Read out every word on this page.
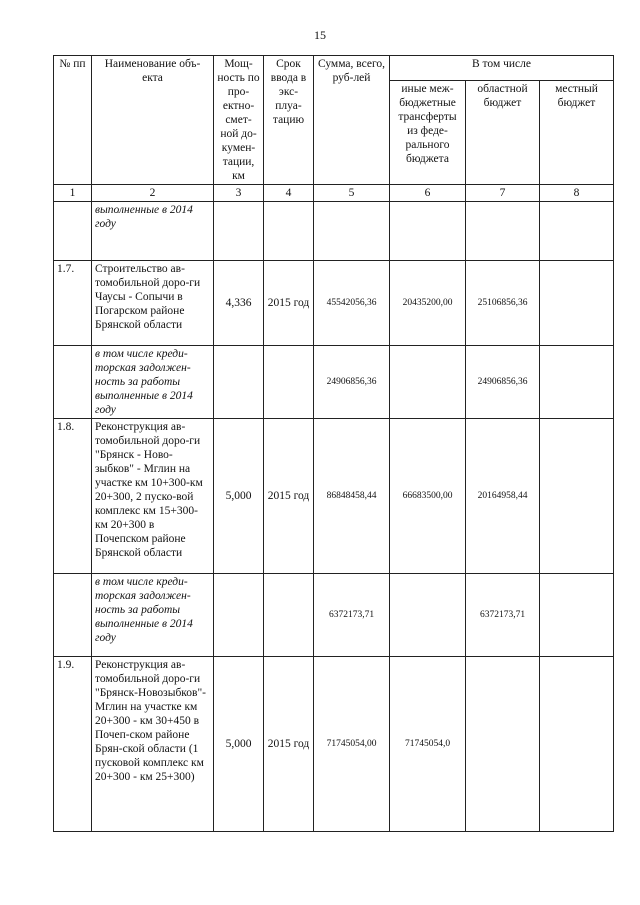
15
№ пп	Наименование объ-екта	Мощ-ность по про-ектно-смет-ной до-кумен-тации, км	Срок ввода в экс-плуа-тацию	Сумма, всего, руб-лей	В том числе		
					иные меж-бюджетные трансферты из феде-рального бюджета	областной бюджет	местный бюджет
1	2	3	4	5	6	7	8
	выполненные в 2014 году						
1.7.	Строительство ав-томобильной доро-ги Чаусы - Сопычи в Погарском районе Брянской области	4,336	2015 год	45542056,36	20435200,00	25106856,36	
	в том числе креди-торская задолжен-ность за работы выполненные в 2014 году			24906856,36		24906856,36	
1.8.	Реконструкция ав-томобильной доро-ги "Брянск - Ново-зыбков" - Мглин на участке км 10+300-км 20+300, 2 пуско-вой комплекс км 15+300-км 20+300 в Почепском районе Брянской области	5,000	2015 год	86848458,44	66683500,00	20164958,44	
	в том числе креди-торская задолжен-ность за работы выполненные в 2014 году			6372173,71		6372173,71	
1.9.	Реконструкция ав-томобильной доро-ги "Брянск-Новозыбков"- Мглин на участке км 20+300 - км 30+450 в Почеп-ском районе Брян-ской области (1 пусковой комплекс км 20+300 - км 25+300)	5,000	2015 год	71745054,00	71745054,0		
